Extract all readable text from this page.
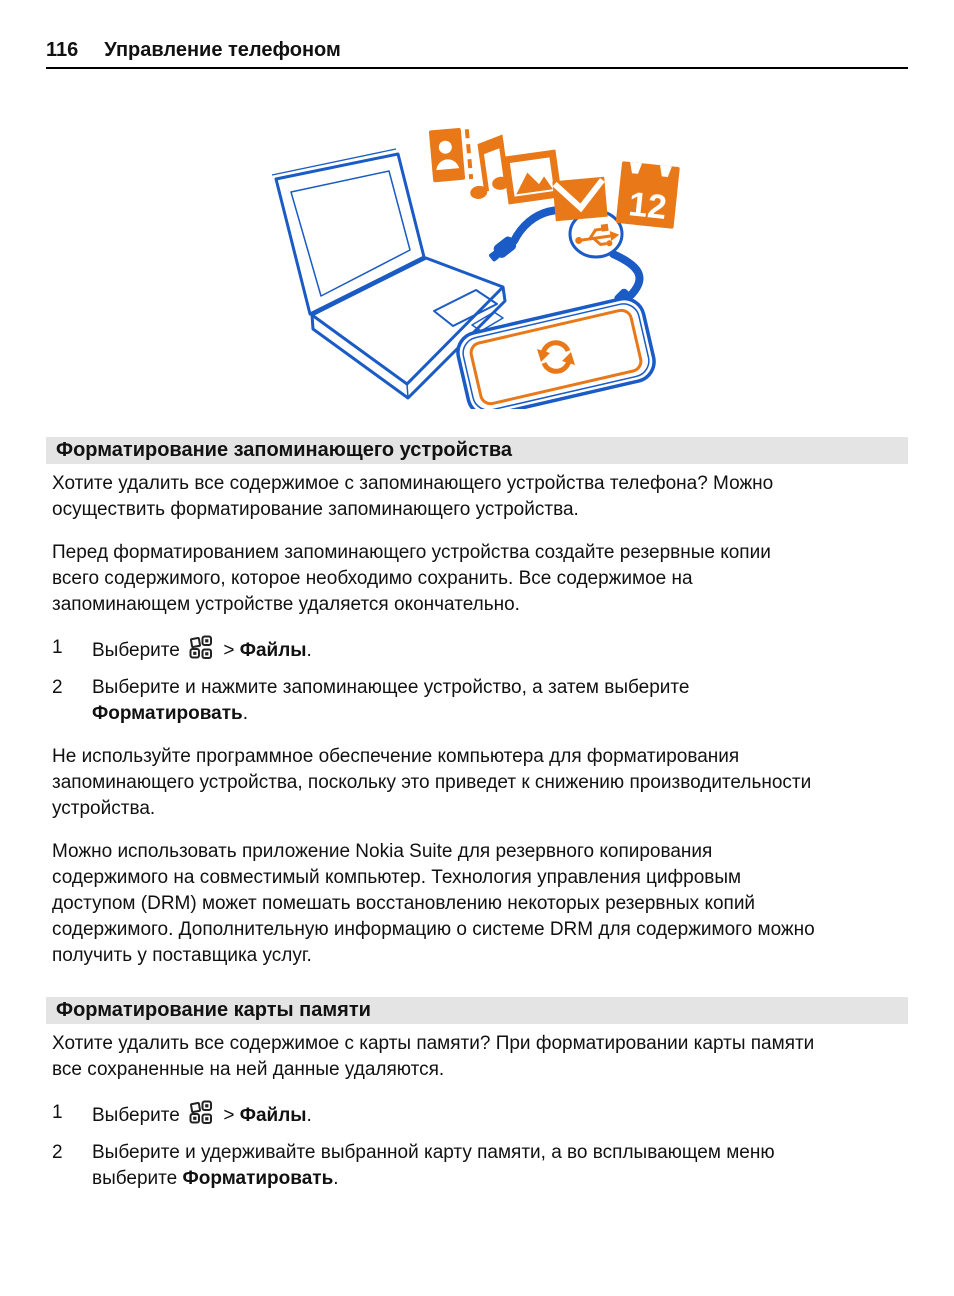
116 Управление телефоном
12
Форматирование запоминающего устройства

Хотите удалить все содержимое с запоминающего устройства телефона? Можно осуществить форматирование запоминающего устройства.

Перед форматированием запоминающего устройства создайте резервные копии всего содержимого, которое необходимо сохранить. Все содержимое на запоминающем устройстве удаляется окончательно.

1	Выберите > Файлы.
2	Выберите и нажмите запоминающее устройство, а затем выберите Форматировать.

Не используйте программное обеспечение компьютера для форматирования запоминающего устройства, поскольку это приведет к снижению производительности устройства.

Можно использовать приложение Nokia Suite для резервного копирования содержимого на совместимый компьютер. Технология управления цифровым доступом (DRM) может помешать восстановлению некоторых резервных копий содержимого. Дополнительную информацию о системе DRM для содержимого можно получить у поставщика услуг.

Форматирование карты памяти

Хотите удалить все содержимое с карты памяти? При форматировании карты памяти все сохраненные на ней данные удаляются.

1	Выберите > Файлы.
2	Выберите и удерживайте выбранной карту памяти, а во всплывающем меню выберите Форматировать.
